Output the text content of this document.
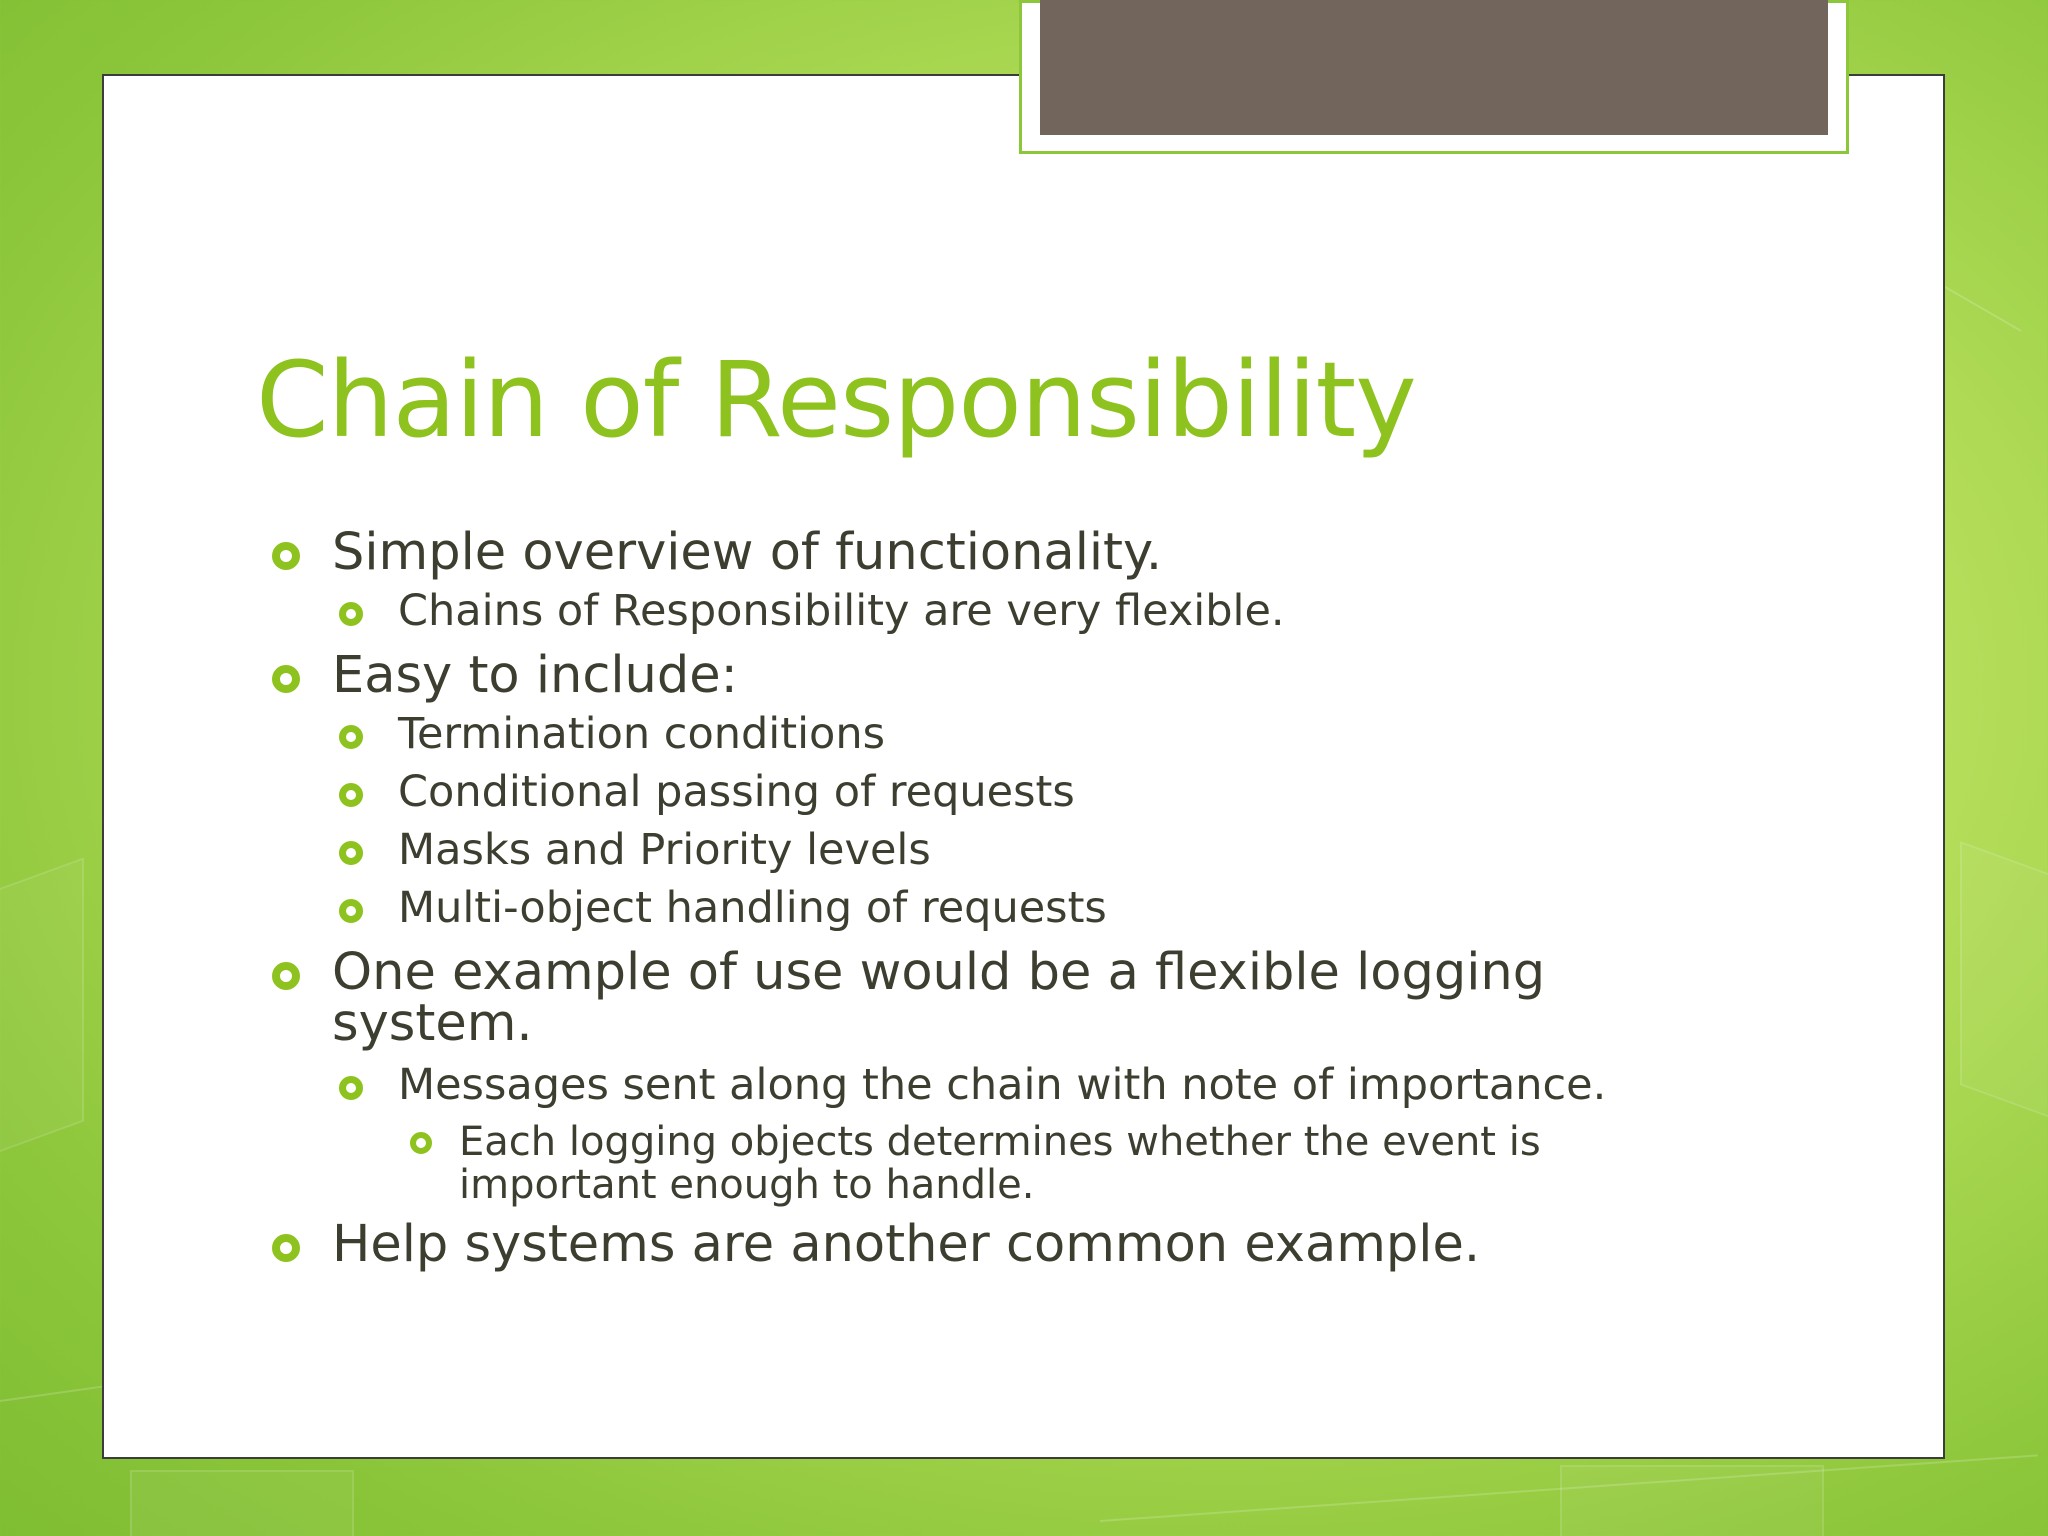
Chain of Responsibility
Simple overview of functionality.
Chains of Responsibility are very flexible.
Easy to include:
Termination conditions
Conditional passing of requests
Masks and Priority levels
Multi-object handling of requests
One example of use would be a flexible logging
system.
Messages sent along the chain with note of importance.
Each logging objects determines whether the event is
important enough to handle.
Help systems are another common example.
